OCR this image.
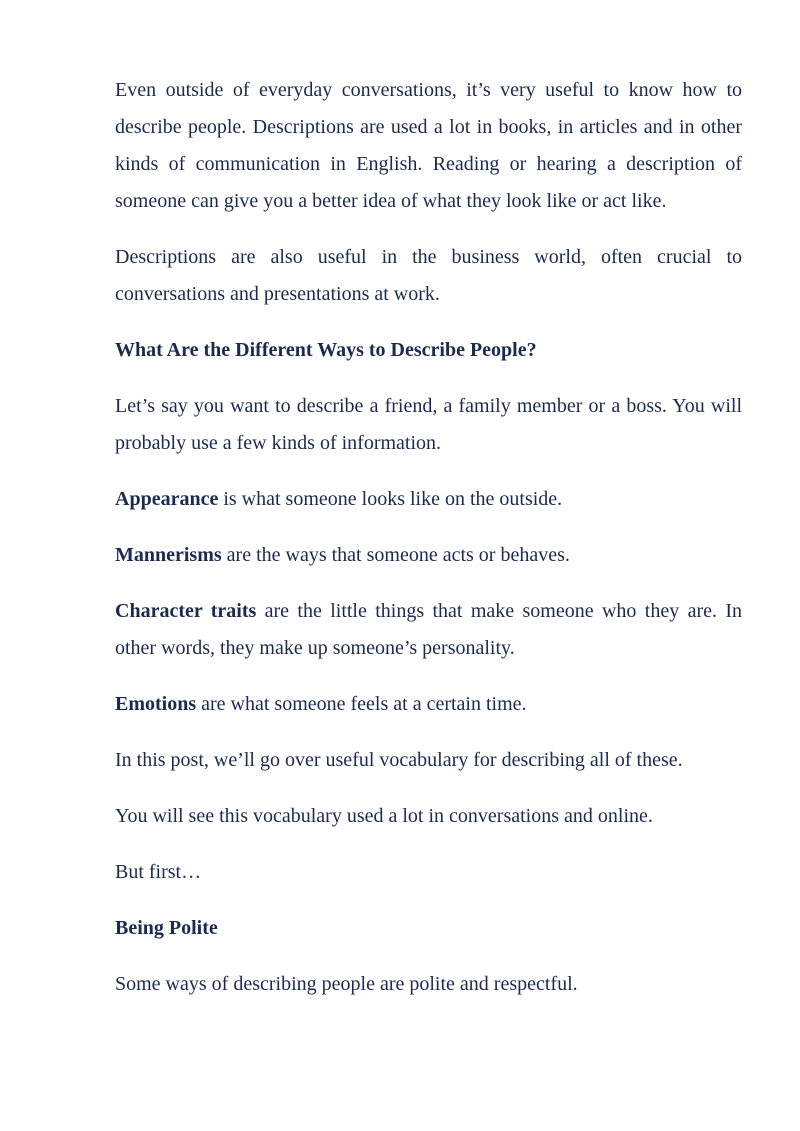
Even outside of everyday conversations, it’s very useful to know how to describe people. Descriptions are used a lot in books, in articles and in other kinds of communication in English. Reading or hearing a description of someone can give you a better idea of what they look like or act like.

Descriptions are also useful in the business world, often crucial to conversations and presentations at work.

What Are the Different Ways to Describe People?

Let’s say you want to describe a friend, a family member or a boss. You will probably use a few kinds of information.

Appearance is what someone looks like on the outside.

Mannerisms are the ways that someone acts or behaves.

Character traits are the little things that make someone who they are. In other words, they make up someone’s personality.

Emotions are what someone feels at a certain time.

In this post, we’ll go over useful vocabulary for describing all of these.

You will see this vocabulary used a lot in conversations and online.

But first…

Being Polite

Some ways of describing people are polite and respectful.
